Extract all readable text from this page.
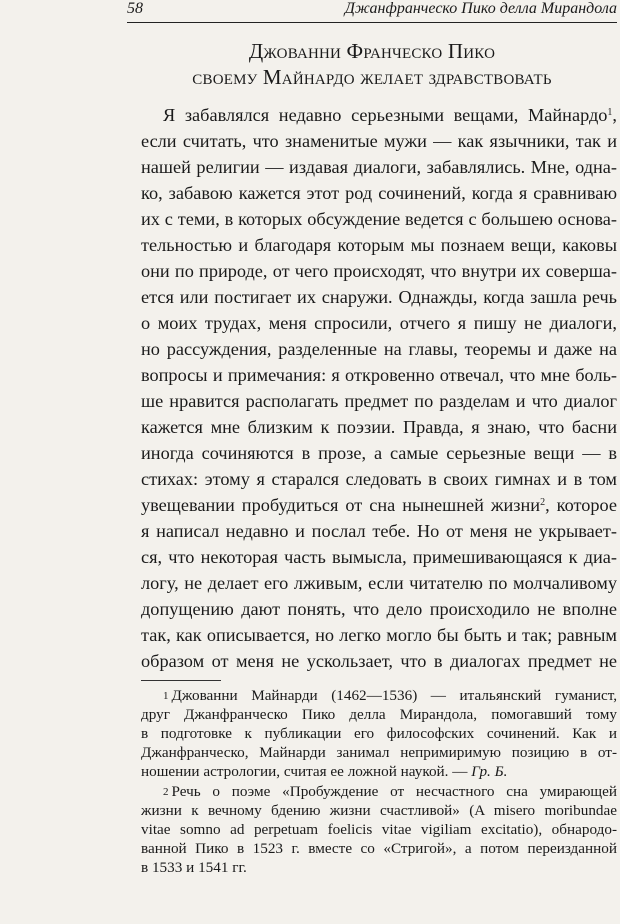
58	Джанфранческо Пико делла Мирандола
Джованни Франческо Пико
своему Майнардо желает здравствовать
Я забавлялся недавно серьезными вещами, Майнардо$^1$,
если считать, что знаменитые мужи — как язычники, так и
нашей религии — издавая диалоги, забавлялись. Мне, одна-
ко, забавою кажется этот род сочинений, когда я сравниваю
их с теми, в которых обсуждение ведется с большею основа-
тельностью и благодаря которым мы познаем вещи, каковы
они по природе, от чего происходят, что внутри их соверша-
ется или постигает их снаружи. Однажды, когда зашла речь
о моих трудах, меня спросили, отчего я пишу не диалоги,
но рассуждения, разделенные на главы, теоремы и даже на
вопросы и примечания: я откровенно отвечал, что мне боль-
ше нравится располагать предмет по разделам и что диалог
кажется мне близким к поэзии. Правда, я знаю, что басни
иногда сочиняются в прозе, а самые серьезные вещи — в
стихах: этому я старался следовать в своих гимнах и в том
увещевании пробудиться от сна нынешней жизни$^2$, которое
я написал недавно и послал тебе. Но от меня не укрывает-
ся, что некоторая часть вымысла, примешивающаяся к диа-
логу, не делает его лживым, если читателю по молчаливому
допущению дают понять, что дело происходило не вполне
так, как описывается, но легко могло бы быть и так; равным
образом от меня не ускользает, что в диалогах предмет не
$^1$ Джованни Майнарди (1462—1536) — итальянский гуманист,
друг Джанфранческо Пико делла Мирандола, помогавший тому
в подготовке к публикации его философских сочинений. Как и
Джанфранческо, Майнарди занимал непримиримую позицию в от-
ношении астрологии, считая ее ложной наукой. — Гр. Б.
$^2$ Речь о поэме «Пробуждение от несчастного сна умирающей
жизни к вечному бдению жизни счастливой» (A misero moribundae
vitae somno ad perpetuam foelicis vitae vigiliam excitatio), обнародо-
ванной Пико в 1523 г. вместе со «Стригой», а потом переизданной
в 1533 и 1541 гг.
